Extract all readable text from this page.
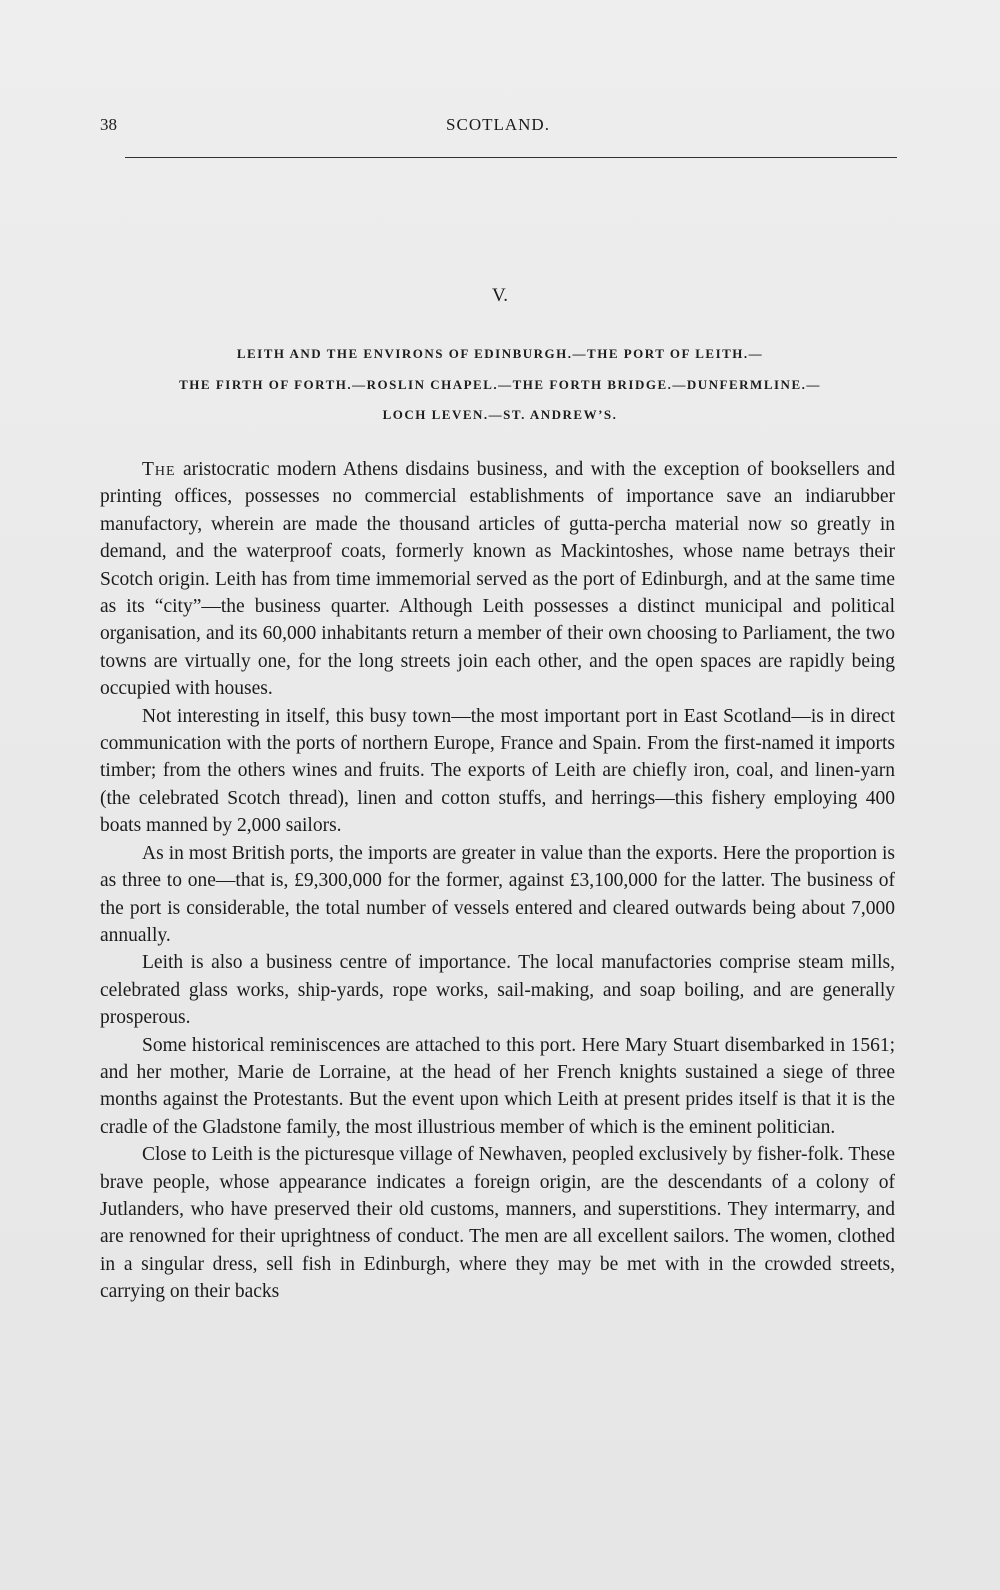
38	SCOTLAND.
V.
LEITH AND THE ENVIRONS OF EDINBURGH.—THE PORT OF LEITH.—
THE FIRTH OF FORTH.—ROSLIN CHAPEL.—THE FORTH BRIDGE.—DUNFERMLINE.—
LOCH LEVEN.—ST. ANDREW’S.

The aristocratic modern Athens disdains business, and with the exception of booksellers and printing offices, possesses no commercial establishments of importance save an indiarubber manufactory, wherein are made the thousand articles of gutta-percha material now so greatly in demand, and the waterproof coats, formerly known as Mackintoshes, whose name betrays their Scotch origin. Leith has from time immemorial served as the port of Edinburgh, and at the same time as its “city”—the business quarter. Although Leith possesses a distinct municipal and political organisation, and its 60,000 inhabitants return a member of their own choosing to Parliament, the two towns are virtually one, for the long streets join each other, and the open spaces are rapidly being occupied with houses.

Not interesting in itself, this busy town—the most important port in East Scotland—is in direct communication with the ports of northern Europe, France and Spain. From the first-named it imports timber; from the others wines and fruits. The exports of Leith are chiefly iron, coal, and linen-yarn (the celebrated Scotch thread), linen and cotton stuffs, and herrings—this fishery employing 400 boats manned by 2,000 sailors.

As in most British ports, the imports are greater in value than the exports. Here the proportion is as three to one—that is, £9,300,000 for the former, against £3,100,000 for the latter. The business of the port is considerable, the total number of vessels entered and cleared outwards being about 7,000 annually.

Leith is also a business centre of importance. The local manufactories comprise steam mills, celebrated glass works, ship-yards, rope works, sail-making, and soap boiling, and are generally prosperous.

Some historical reminiscences are attached to this port. Here Mary Stuart disembarked in 1561; and her mother, Marie de Lorraine, at the head of her French knights sustained a siege of three months against the Protestants. But the event upon which Leith at present prides itself is that it is the cradle of the Gladstone family, the most illustrious member of which is the eminent politician.

Close to Leith is the picturesque village of Newhaven, peopled exclusively by fisher-folk. These brave people, whose appearance indicates a foreign origin, are the descendants of a colony of Jutlanders, who have preserved their old customs, manners, and superstitions. They intermarry, and are renowned for their uprightness of conduct. The men are all excellent sailors. The women, clothed in a singular dress, sell fish in Edinburgh, where they may be met with in the crowded streets, carrying on their backs
